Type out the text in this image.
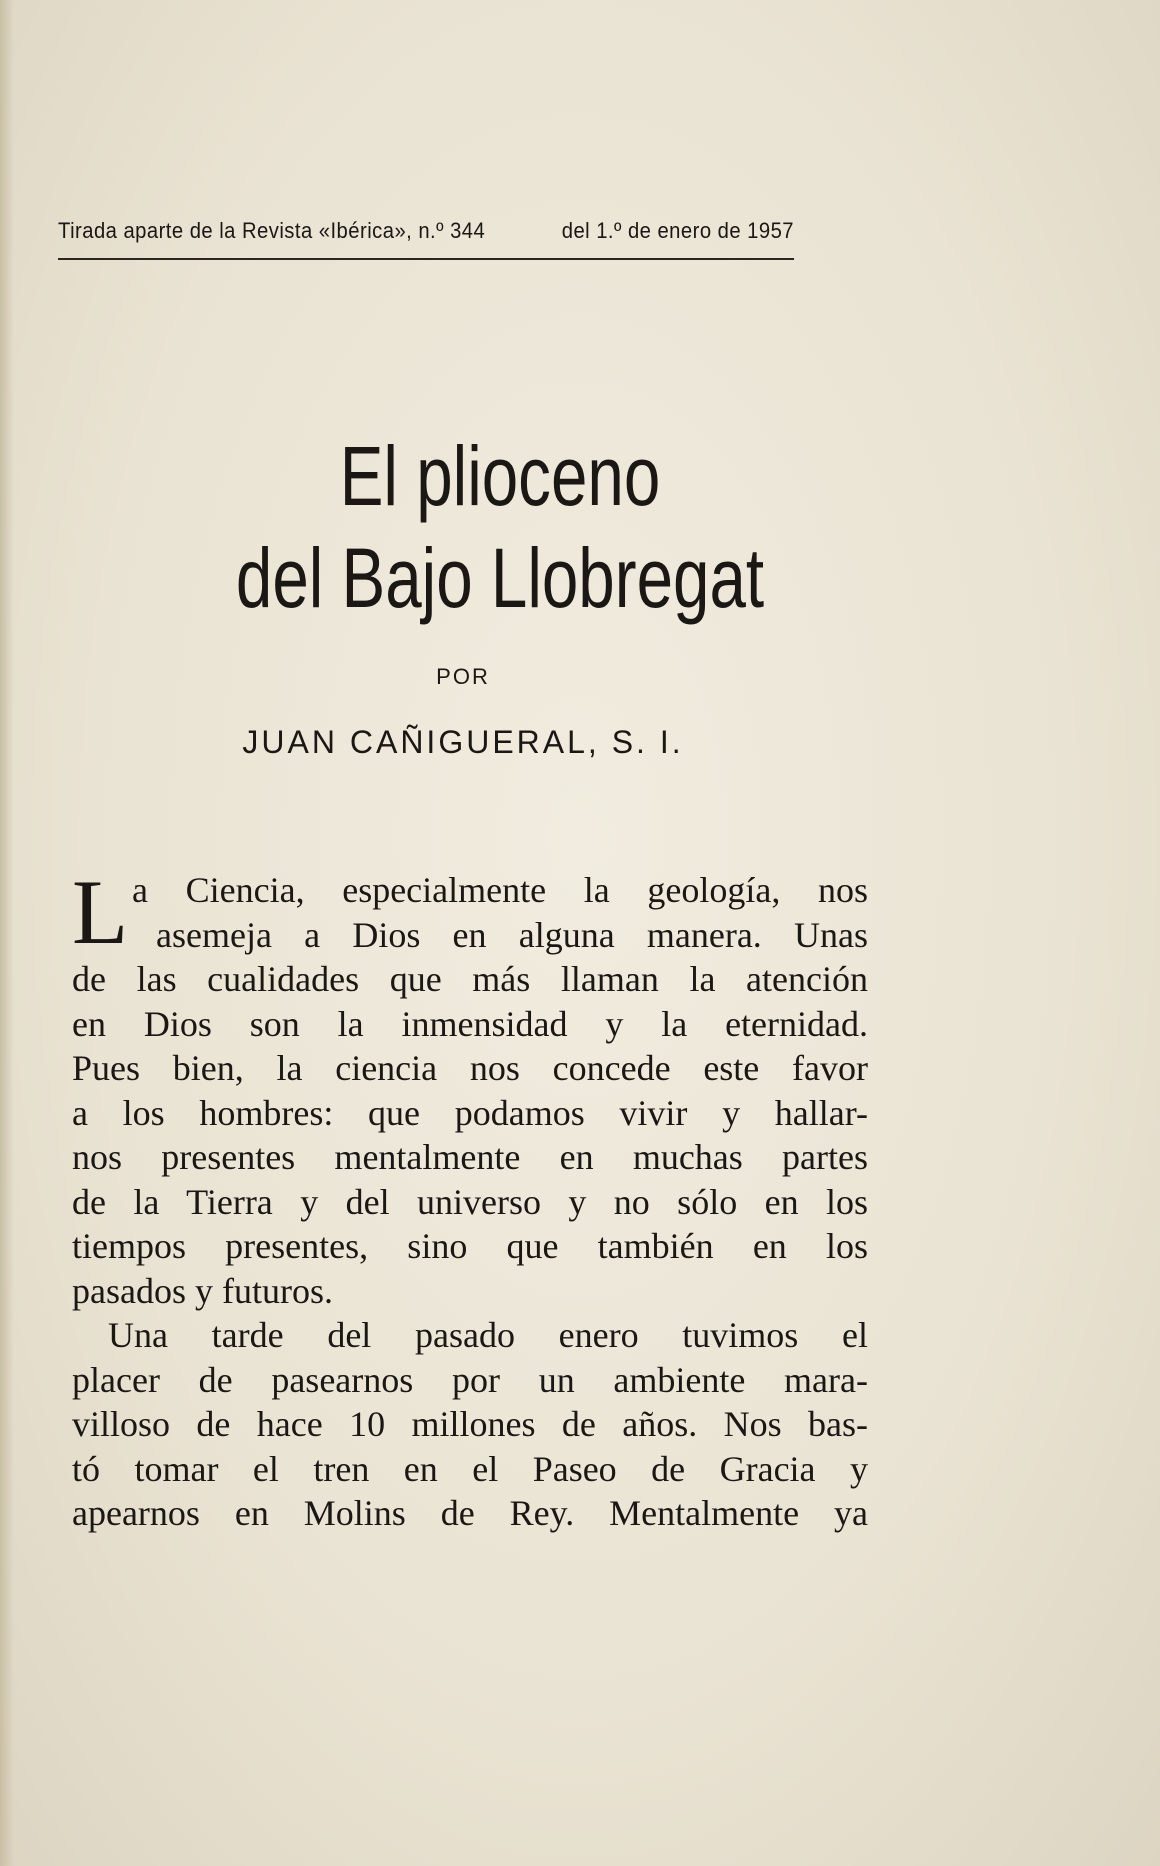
Tirada aparte de la Revista «Ibérica», n.º 344	del 1.º de enero de 1957
El plioceno
del Bajo Llobregat
POR
JUAN CAÑIGUERAL, S. I.
L a Ciencia, especialmente la geología, nos
asemeja a Dios en alguna manera. Unas
de las cualidades que más llaman la atención
en Dios son la inmensidad y la eternidad.
Pues bien, la ciencia nos concede este favor
a los hombres: que podamos vivir y hallar-
nos presentes mentalmente en muchas partes
de la Tierra y del universo y no sólo en los
tiempos presentes, sino que también en los
pasados y futuros.
Una tarde del pasado enero tuvimos el
placer de pasearnos por un ambiente mara-
villoso de hace 10 millones de años. Nos bas-
tó tomar el tren en el Paseo de Gracia y
apearnos en Molins de Rey. Mentalmente ya
